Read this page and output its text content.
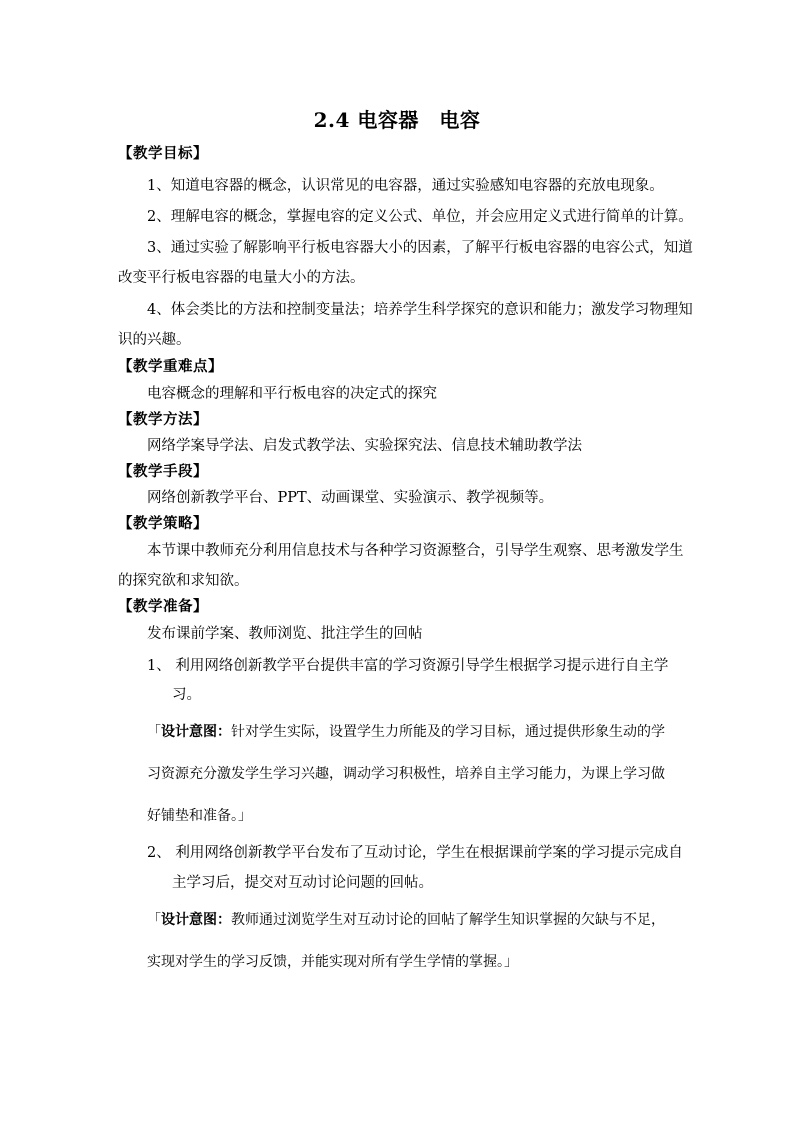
2.4 电容器　电容
【教学目标】
1、知道电容器的概念，认识常见的电容器，通过实验感知电容器的充放电现象。
2、理解电容的概念，掌握电容的定义公式、单位，并会应用定义式进行简单的计算。
3、通过实验了解影响平行板电容器大小的因素，了解平行板电容器的电容公式，知道
改变平行板电容器的电量大小的方法。
4、体会类比的方法和控制变量法；培养学生科学探究的意识和能力；激发学习物理知
识的兴趣。
【教学重难点】
电容概念的理解和平行板电容的决定式的探究
【教学方法】
网络学案导学法、启发式教学法、实验探究法、信息技术辅助教学法
【教学手段】
网络创新教学平台、PPT、动画课堂、实验演示、教学视频等。
【教学策略】
本节课中教师充分利用信息技术与各种学习资源整合，引导学生观察、思考激发学生
的探究欲和求知欲。
【教学准备】
发布课前学案、教师浏览、批注学生的回帖
1、 利用网络创新教学平台提供丰富的学习资源引导学生根据学习提示进行自主学
习。
「设计意图：针对学生实际，设置学生力所能及的学习目标，通过提供形象生动的学
习资源充分激发学生学习兴趣，调动学习积极性，培养自主学习能力，为课上学习做
好铺垫和准备。」
2、 利用网络创新教学平台发布了互动讨论，学生在根据课前学案的学习提示完成自
主学习后，提交对互动讨论问题的回帖。
「设计意图：教师通过浏览学生对互动讨论的回帖了解学生知识掌握的欠缺与不足，
实现对学生的学习反馈，并能实现对所有学生学情的掌握。」
